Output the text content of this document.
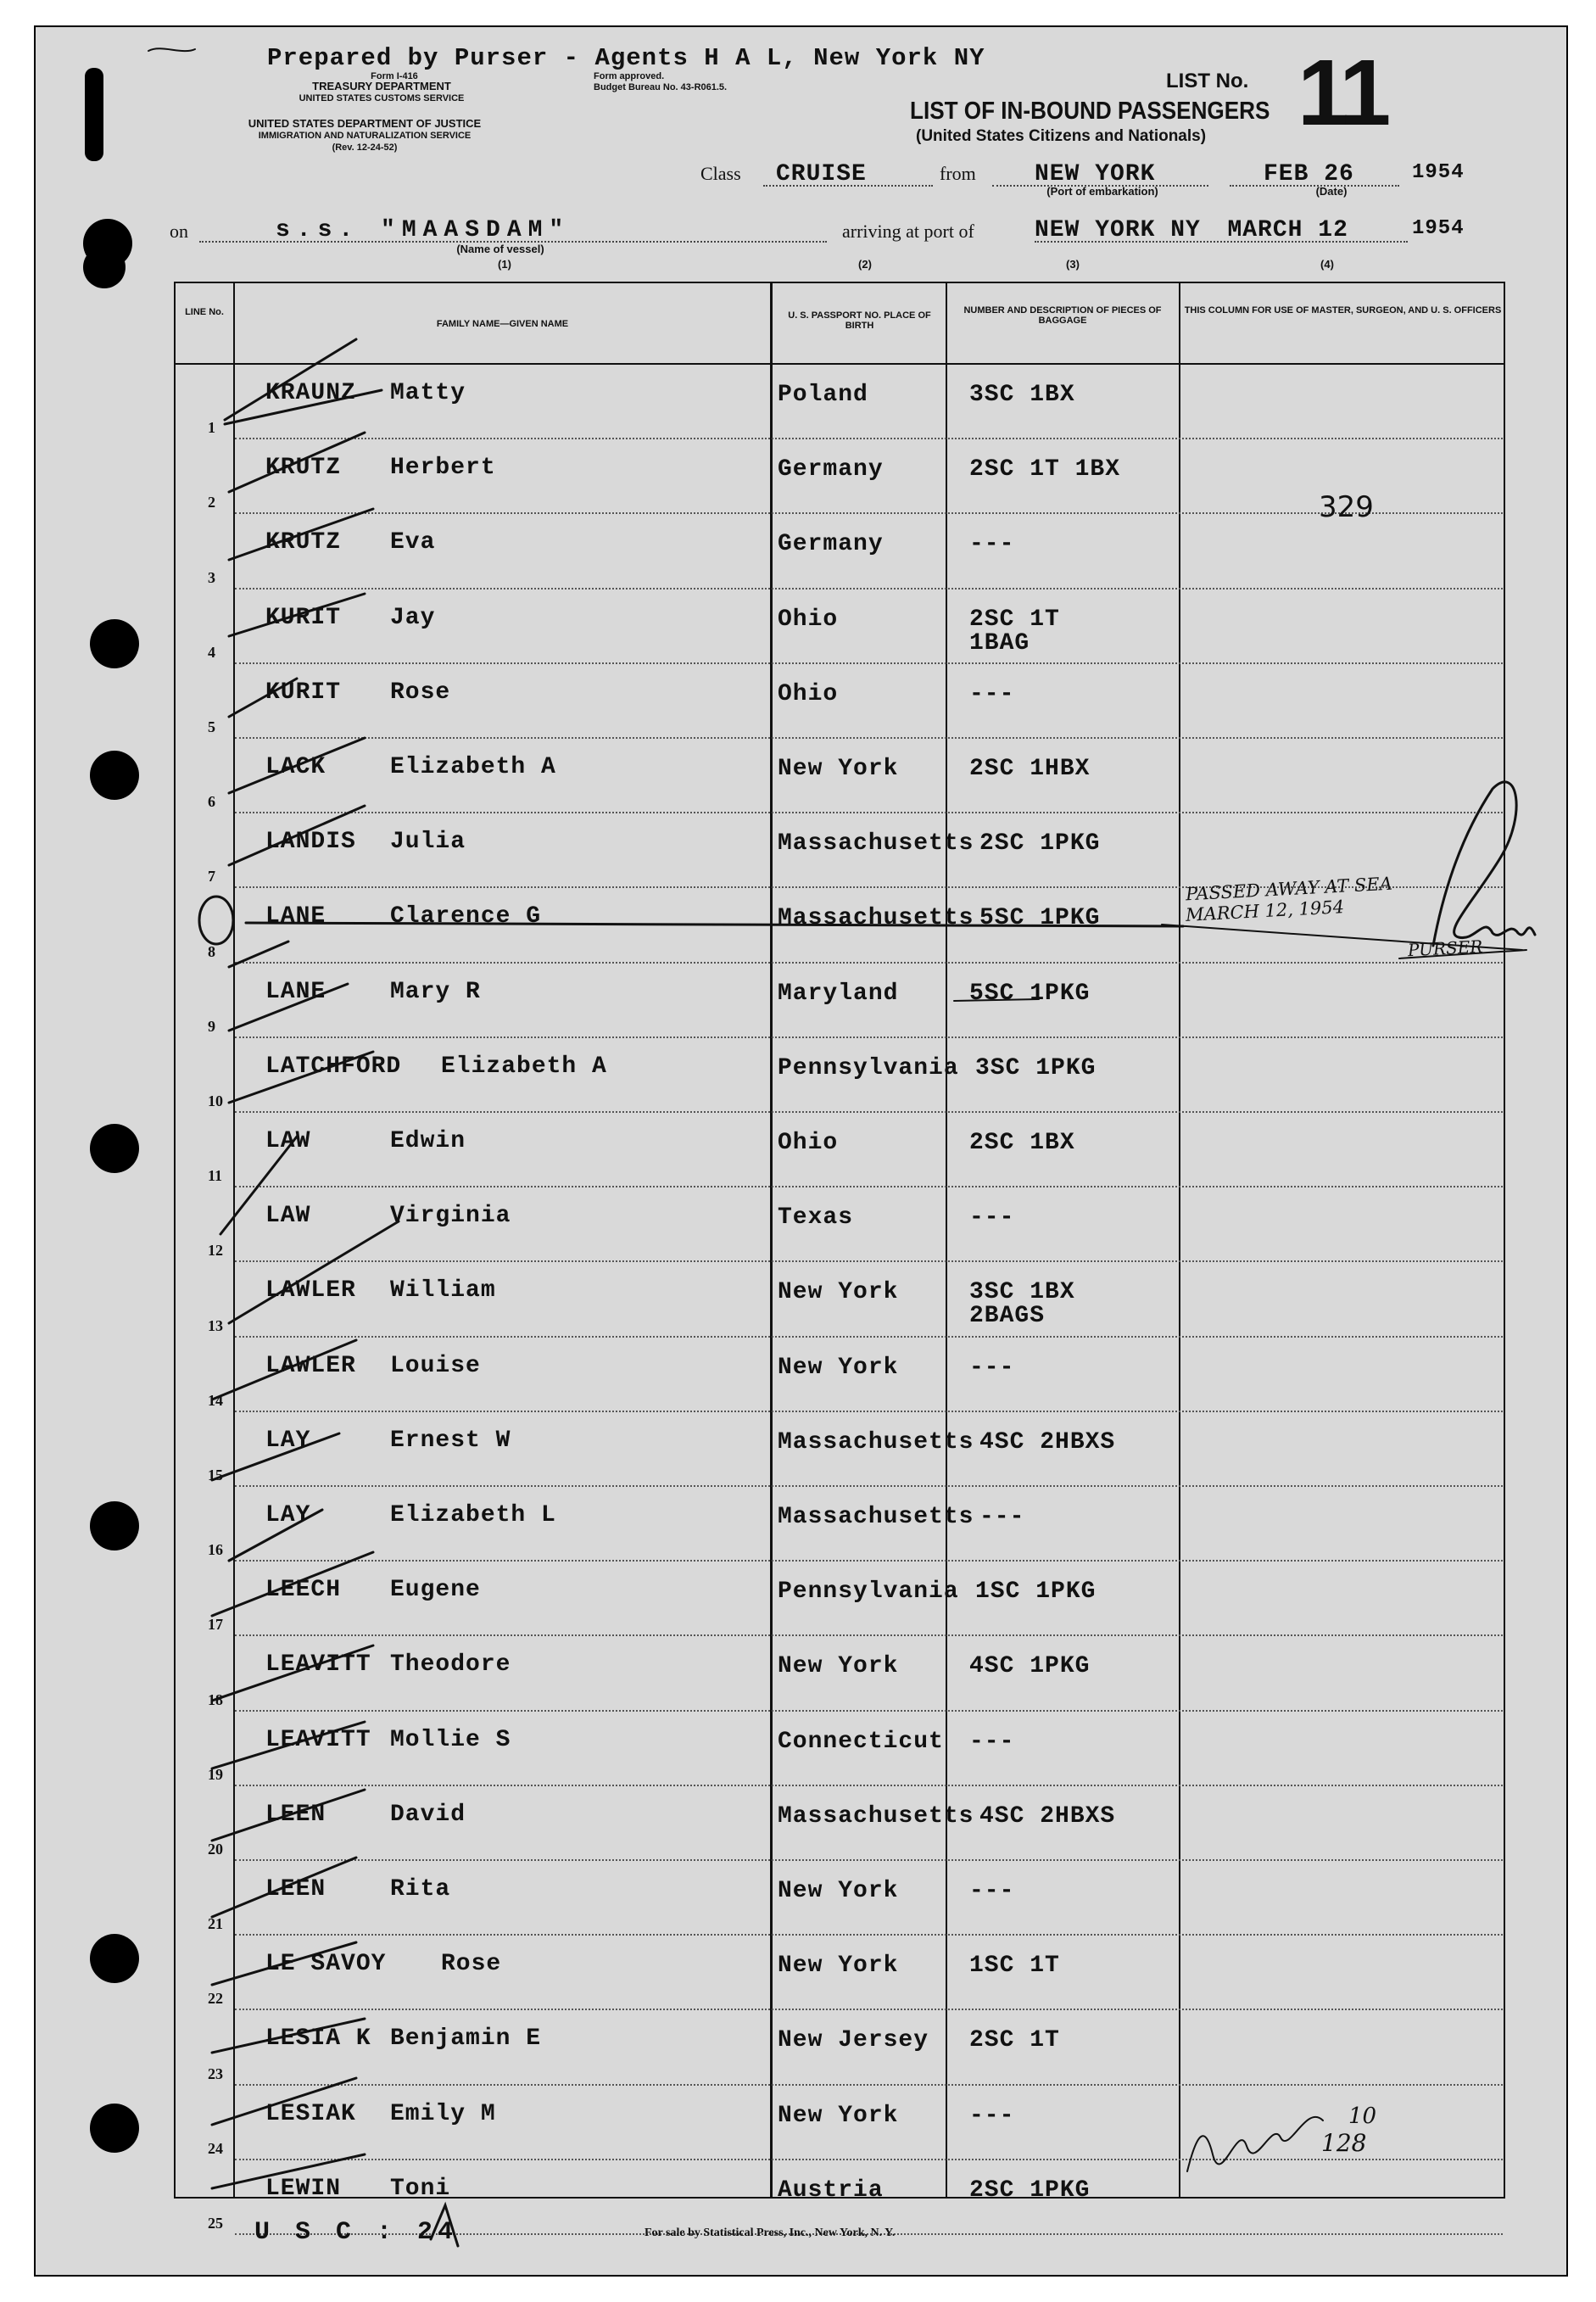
Prepared by Purser - Agents H A L, New York NY
Form I-416
TREASURY DEPARTMENT
UNITED STATES CUSTOMS SERVICE
Form approved.
Budget Bureau No. 43-R061.5.
UNITED STATES DEPARTMENT OF JUSTICE
IMMIGRATION AND NATURALIZATION SERVICE
(Rev. 12-24-52)
LIST No. 11
LIST OF IN-BOUND PASSENGERS
(United States Citizens and Nationals)
Class	CRUISE	from	NEW YORK
(Port of embarkation)
FEB 26
(Date)
1954
on	s.s. "MAASDAM"
(Name of vessel)
arriving at port of	NEW YORK NY MARCH 12	1954
(1)	(2)	(3)	(4)
LINE No.
FAMILY NAME—GIVEN NAME
U. S. PASSPORT NO. PLACE OF BIRTH
NUMBER AND DESCRIPTION OF PIECES OF BAGGAGE
THIS COLUMN FOR USE OF MASTER, SURGEON, AND U. S. OFFICERS
1
KRAUNZ Matty	Poland	3SC 1BX
2
KRUTZ Herbert	Germany	2SC 1T 1BX
3
KRUTZ Eva	Germany	---
4
KURIT Jay	Ohio	2SC 1T
1BAG
5
KURIT Rose	Ohio	---
6
LACK	Elizabeth A	New York	2SC 1HBX
7
LANDIS Julia	Massachusetts 2SC 1PKG
8
LANE	Clarence G	Massachusetts 5SC 1PKG
9
LANE	Mary R	Maryland	5SC 1PKG
10
LATCHFORD Elizabeth A	Pennsylvania 3SC 1PKG
11
LAW	Edwin	Ohio	2SC 1BX
12
LAW	Virginia	Texas	---
13
LAWLER William	New York	3SC 1BX
2BAGS
14
LAWLER Louise	New York	---
15
LAY	Ernest W	Massachusetts 4SC 2HBXS
16
LAY	Elizabeth L	Massachusetts ---
17
LEECH Eugene	Pennsylvania 1SC 1PKG
18
LEAVITT Theodore	New York	4SC 1PKG
19
LEAVITT Mollie S	Connecticut ---
20
LEEN	David	Massachusetts 4SC 2HBXS
21
LEEN	Rita	New York	---
22
LE SAVOY Rose	New York	1SC 1T
23
LESIA K Benjamin E	New Jersey 2SC 1T
24
LESIAK Emily M	New York	---
25
LEWIN Toni	Austria	2SC 1PKG
329
PASSED AWAY AT SEA
MARCH 12, 1954
PURSER
10
128
U S C : 24	For sale by Statistical Press, Inc., New York, N. Y.
